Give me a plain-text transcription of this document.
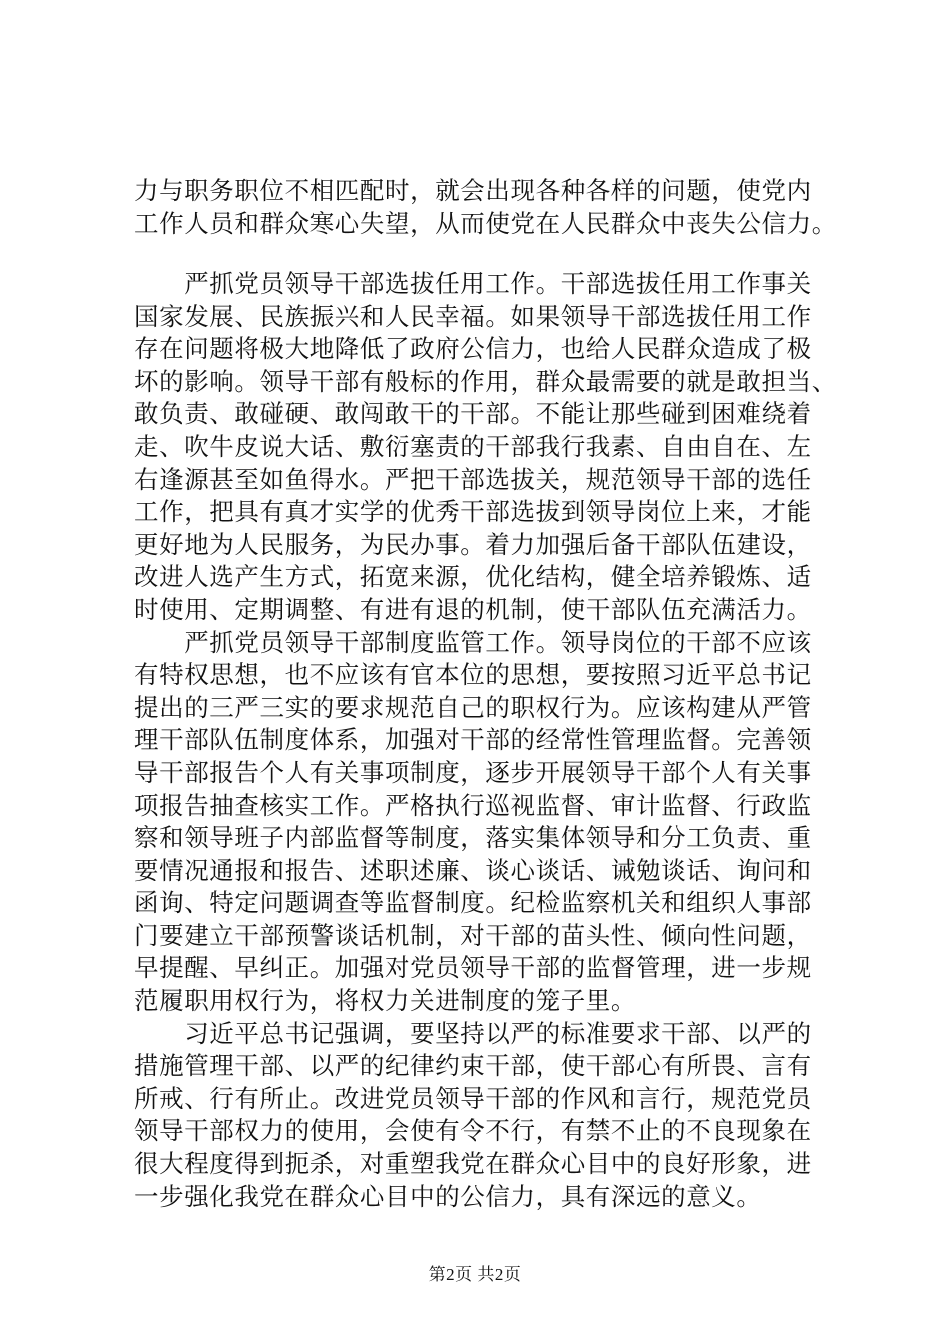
力与职务职位不相匹配时，就会出现各种各样的问题，使党内
工作人员和群众寒心失望，从而使党在人民群众中丧失公信力。
　　严抓党员领导干部选拔任用工作。干部选拔任用工作事关
国家发展、民族振兴和人民幸福。如果领导干部选拔任用工作
存在问题将极大地降低了政府公信力，也给人民群众造成了极
坏的影响。领导干部有般标的作用，群众最需要的就是敢担当、
敢负责、敢碰硬、敢闯敢干的干部。不能让那些碰到困难绕着
走、吹牛皮说大话、敷衍塞责的干部我行我素、自由自在、左
右逢源甚至如鱼得水。严把干部选拔关，规范领导干部的选任
工作，把具有真才实学的优秀干部选拔到领导岗位上来，才能
更好地为人民服务，为民办事。着力加强后备干部队伍建设，
改进人选产生方式，拓宽来源，优化结构，健全培养锻炼、适
时使用、定期调整、有进有退的机制，使干部队伍充满活力。
　　严抓党员领导干部制度监管工作。领导岗位的干部不应该
有特权思想，也不应该有官本位的思想，要按照习近平总书记
提出的三严三实的要求规范自己的职权行为。应该构建从严管
理干部队伍制度体系，加强对干部的经常性管理监督。完善领
导干部报告个人有关事项制度，逐步开展领导干部个人有关事
项报告抽查核实工作。严格执行巡视监督、审计监督、行政监
察和领导班子内部监督等制度，落实集体领导和分工负责、重
要情况通报和报告、述职述廉、谈心谈话、诫勉谈话、询问和
函询、特定问题调查等监督制度。纪检监察机关和组织人事部
门要建立干部预警谈话机制，对干部的苗头性、倾向性问题，
早提醒、早纠正。加强对党员领导干部的监督管理，进一步规
范履职用权行为，将权力关进制度的笼子里。
　　习近平总书记强调，要坚持以严的标准要求干部、以严的
措施管理干部、以严的纪律约束干部，使干部心有所畏、言有
所戒、行有所止。改进党员领导干部的作风和言行，规范党员
领导干部权力的使用，会使有令不行，有禁不止的不良现象在
很大程度得到扼杀，对重塑我党在群众心目中的良好形象，进
一步强化我党在群众心目中的公信力，具有深远的意义。
第2页 共2页
